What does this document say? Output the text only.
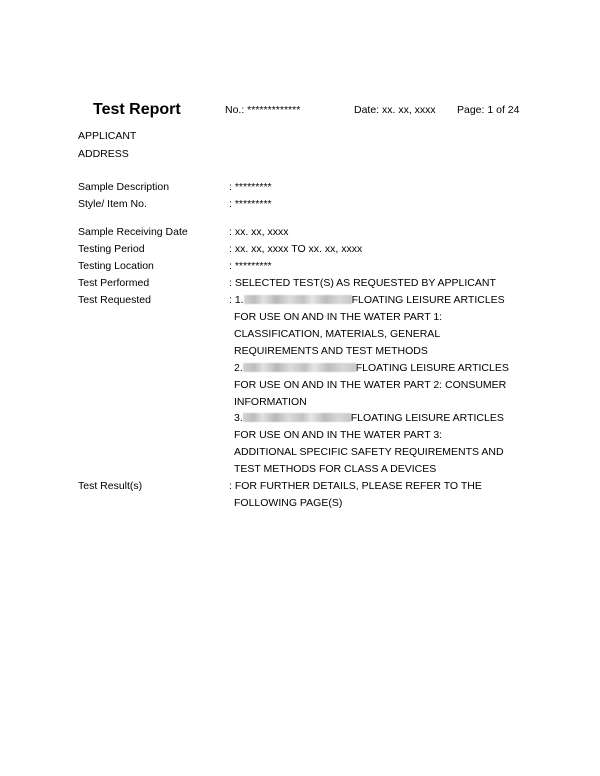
Test Report	No.: *************	Date: xx. xx, xxxx Page: 1 of 24
APPLICANT
ADDRESS
Sample Description	: *********
Style/ Item No.	: *********
Sample Receiving Date	: xx. xx, xxxx
Testing Period	: xx. xx, xxxx TO xx. xx, xxxx
Testing Location	: *********
Test Performed	: SELECTED TEST(S) AS REQUESTED BY APPLICANT
Test Requested	: 1.	FLOATING LEISURE ARTICLES
FOR USE ON AND IN THE WATER PART 1:
CLASSIFICATION, MATERIALS, GENERAL
REQUIREMENTS AND TEST METHODS
2.	FLOATING LEISURE ARTICLES
FOR USE ON AND IN THE WATER PART 2: CONSUMER
INFORMATION
3.	FLOATING LEISURE ARTICLES
FOR USE ON AND IN THE WATER PART 3:
ADDITIONAL SPECIFIC SAFETY REQUIREMENTS AND
TEST METHODS FOR CLASS A DEVICES
Test Result(s)	: FOR FURTHER DETAILS, PLEASE REFER TO THE
FOLLOWING PAGE(S)
